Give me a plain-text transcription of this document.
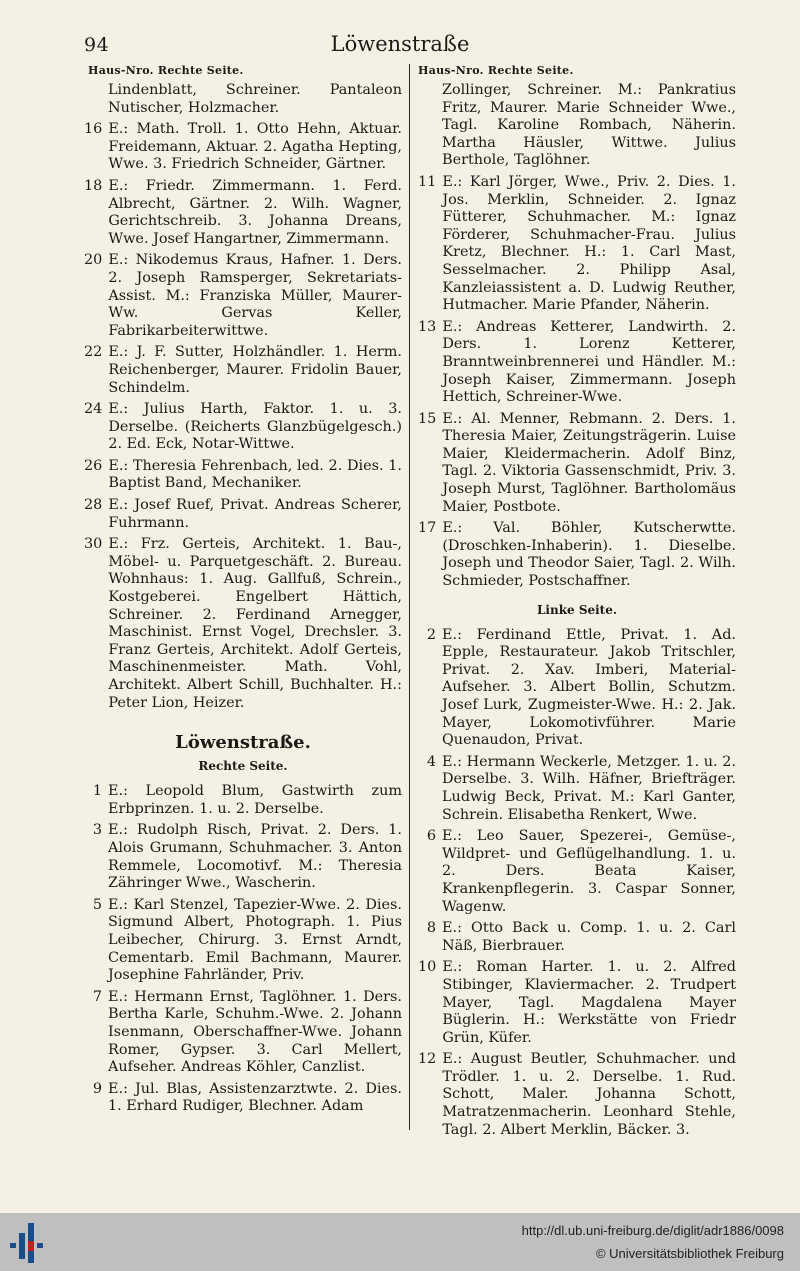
94	Löwenstraße
Haus-Nro. Rechte Seite.	Haus-Nro. Rechte Seite.
Lindenblatt, Schreiner. Pantaleon Nutischer, Holzmacher.
16 E.: Math. Troll. 1. Otto Hehn, Aktuar. Freidemann, Aktuar. 2. Agatha Hepting, Wwe. 3. Friedrich Schneider, Gärtner.
18 E.: Friedr. Zimmermann. 1. Ferd. Albrecht, Gärtner. 2. Wilh. Wagner, Gerichtschreib. 3. Johanna Dreans, Wwe. Josef Hangartner, Zimmermann.
20 E.: Nikodemus Kraus, Hafner. 1. Ders. 2. Joseph Ramsperger, Sekretariats-Assist. M.: Franziska Müller, Maurer-Ww. Gervas Keller, Fabrikarbeiterwittwe.
22 E.: J. F. Sutter, Holzhändler. 1. Herm. Reichenberger, Maurer. Fridolin Bauer, Schindelm.
24 E.: Julius Harth, Faktor. 1. u. 3. Derselbe. (Reicherts Glanzbügelgesch.) 2. Ed. Eck, Notar-Wittwe.
26 E.: Theresia Fehrenbach, led. 2. Dies. 1. Baptist Band, Mechaniker.
28 E.: Josef Ruef, Privat. Andreas Scherer, Fuhrmann.
30 E.: Frz. Gerteis, Architekt. 1. Bau-, Möbel- u. Parquetgeschäft. 2. Bureau. Wohnhaus: 1. Aug. Gallfuß, Schrein., Kostgeberei. Engelbert Hättich, Schreiner. 2. Ferdinand Arnegger, Maschinist. Ernst Vogel, Drechsler. 3. Franz Gerteis, Architekt. Adolf Gerteis, Maschinenmeister. Math. Vohl, Architekt. Albert Schill, Buchhalter. H.: Peter Lion, Heizer.
Löwenstraße.
Rechte Seite.
1 E.: Leopold Blum, Gastwirth zum Erbprinzen. 1. u. 2. Derselbe.
3 E.: Rudolph Risch, Privat. 2. Ders. 1. Alois Grumann, Schuhmacher. 3. Anton Remmele, Locomotivf. M.: Theresia Zähringer Wwe., Wascherin.
5 E.: Karl Stenzel, Tapezier-Wwe. 2. Dies. Sigmund Albert, Photograph. 1. Pius Leibecher, Chirurg. 3. Ernst Arndt, Cementarb. Emil Bachmann, Maurer. Josephine Fahrländer, Priv.
7 E.: Hermann Ernst, Taglöhner. 1. Ders. Bertha Karle, Schuhm.-Wwe. 2. Johann Isenmann, Oberschaffner-Wwe. Johann Romer, Gypser. 3. Carl Mellert, Aufseher. Andreas Köhler, Canzlist.
9 E.: Jul. Blas, Assistenzarztwte. 2. Dies. 1. Erhard Rudiger, Blechner. Adam
Zollinger, Schreiner. M.: Pankratius Fritz, Maurer. Marie Schneider Wwe., Tagl. Karoline Rombach, Näherin. Martha Häusler, Wittwe. Julius Berthole, Taglöhner.
11 E.: Karl Jörger, Wwe., Priv. 2. Dies. 1. Jos. Merklin, Schneider. 2. Ignaz Fütterer, Schuhmacher. M.: Ignaz Förderer, Schuhmacher-Frau. Julius Kretz, Blechner. H.: 1. Carl Mast, Sesselmacher. 2. Philipp Asal, Kanzleiassistent a. D. Ludwig Reuther, Hutmacher. Marie Pfander, Näherin.
13 E.: Andreas Ketterer, Landwirth. 2. Ders. 1. Lorenz Ketterer, Branntweinbrennerei und Händler. M.: Joseph Kaiser, Zimmermann. Joseph Hettich, Schreiner-Wwe.
15 E.: Al. Menner, Rebmann. 2. Ders. 1. Theresia Maier, Zeitungsträgerin. Luise Maier, Kleidermacherin. Adolf Binz, Tagl. 2. Viktoria Gassenschmidt, Priv. 3. Joseph Murst, Taglöhner. Bartholomäus Maier, Postbote.
17 E.: Val. Böhler, Kutscherwtte. (Droschken-Inhaberin). 1. Dieselbe. Joseph und Theodor Saier, Tagl. 2. Wilh. Schmieder, Postschaffner.
Linke Seite.
2 E.: Ferdinand Ettle, Privat. 1. Ad. Epple, Restaurateur. Jakob Tritschler, Privat. 2. Xav. Imberi, Material-Aufseher. 3. Albert Bollin, Schutzm. Josef Lurk, Zugmeister-Wwe. H.: 2. Jak. Mayer, Lokomotivführer. Marie Quenaudon, Privat.
4 E.: Hermann Weckerle, Metzger. 1. u. 2. Derselbe. 3. Wilh. Häfner, Briefträger. Ludwig Beck, Privat. M.: Karl Ganter, Schrein. Elisabetha Renkert, Wwe.
6 E.: Leo Sauer, Spezerei-, Gemüse-, Wildpret- und Geflügelhandlung. 1. u. 2. Ders. Beata Kaiser, Krankenpflegerin. 3. Caspar Sonner, Wagenw.
8 E.: Otto Back u. Comp. 1. u. 2. Carl Näß, Bierbrauer.
10 E.: Roman Harter. 1. u. 2. Alfred Stibinger, Klaviermacher. 2. Trudpert Mayer, Tagl. Magdalena Mayer Büglerin. H.: Werkstätte von Friedr Grün, Küfer.
12 E.: August Beutler, Schuhmacher. und Trödler. 1. u. 2. Derselbe. 1. Rud. Schott, Maler. Johanna Schott, Matratzenmacherin. Leonhard Stehle, Tagl. 2. Albert Merklin, Bäcker. 3.
http://dl.ub.uni-freiburg.de/diglit/adr1886/0098
© Universitätsbibliothek Freiburg
